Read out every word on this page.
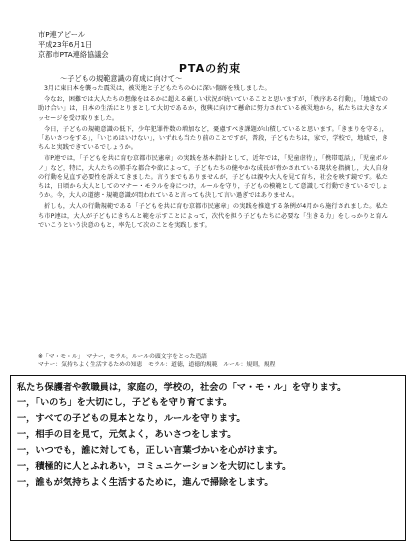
市P連アピール
平成23年6月1日
京都市PTA連絡協議会
PTAの約束
〜子どもの規範意識の育成に向けて〜

3月に東日本を襲った震災は，被災地と子どもたちの心に深い傷跡を残しました。

今なお，困難では大人たちの想像をはるかに超える厳しい状況が続いていることと思いますが，「秩序ある行動」，「地域での助け合い」は，日本の生活にとりまとして大切であるか，復興に向けて懸命に努力されている被災地から，私たちは大きなメッセージを受け取りました。

今日，子どもの規範意識の低下，少年犯罪件数の増加など，憂慮すべき課題が山積していると思います。「きまりを守る」，「あいさつをする」，「いじめはいけない」，いずれも当たり前のことですが，普段，子どもたちは，家で，学校で，地域で，きちんと実践できているでしょうか。

市P連では，「子どもを共に育む京都市民憲章」の実践を基本指針として，近年では，「児童虐待」，「携帯電話」，「児童ポルノ」など，特に，大人たちの勝手な都合や欲によって，子どもたちの健やかな成長が脅かされている現状を指摘し，大人自身の行動を見直す必要性を訴えてきました。言うまでもありませんが，子どもは親や大人を見て育ち，社会を映す鏡です。私たちは，日頃から大人としてのマナー・モラルを身につけ，ルールを守り，子どもの模範として意識して行動できているでしょうか。今，大人の道徳・規範意識が問われていると言っても決して言い過ぎではありません。

折しも，大人の行動規範である「子どもを共に育む京都市民憲章」の実践を推進する条例が4月から施行されました。私たち市P連は，大人が子どもにきちんと範を示すことによって，次代を担う子どもたちに必要な「生きる力」をしっかりと育んでいこうという決意のもと，率先して次のことを実践します。

※「マ・モ・ル」　マナー，モラル，ルールの頭文字をとった造語
マナー：気持ちよく生活するための知恵　モラル：道徳，道徳的規範　ルール：規則，規程
私たち保護者や教職員は，家庭の，学校の，社会の「マ・モ・ル」を守ります。
一，「いのち」を大切にし，子どもを守り育てます。
一，すべての子どもの見本となり，ルールを守ります。
一，相手の目を見て，元気よく，あいさつをします。
一，いつでも，誰に対しても，正しい言葉づかいを心がけます。
一，積極的に人とふれあい，コミュニケーションを大切にします。
一，誰もが気持ちよく生活するために，進んで掃除をします。
